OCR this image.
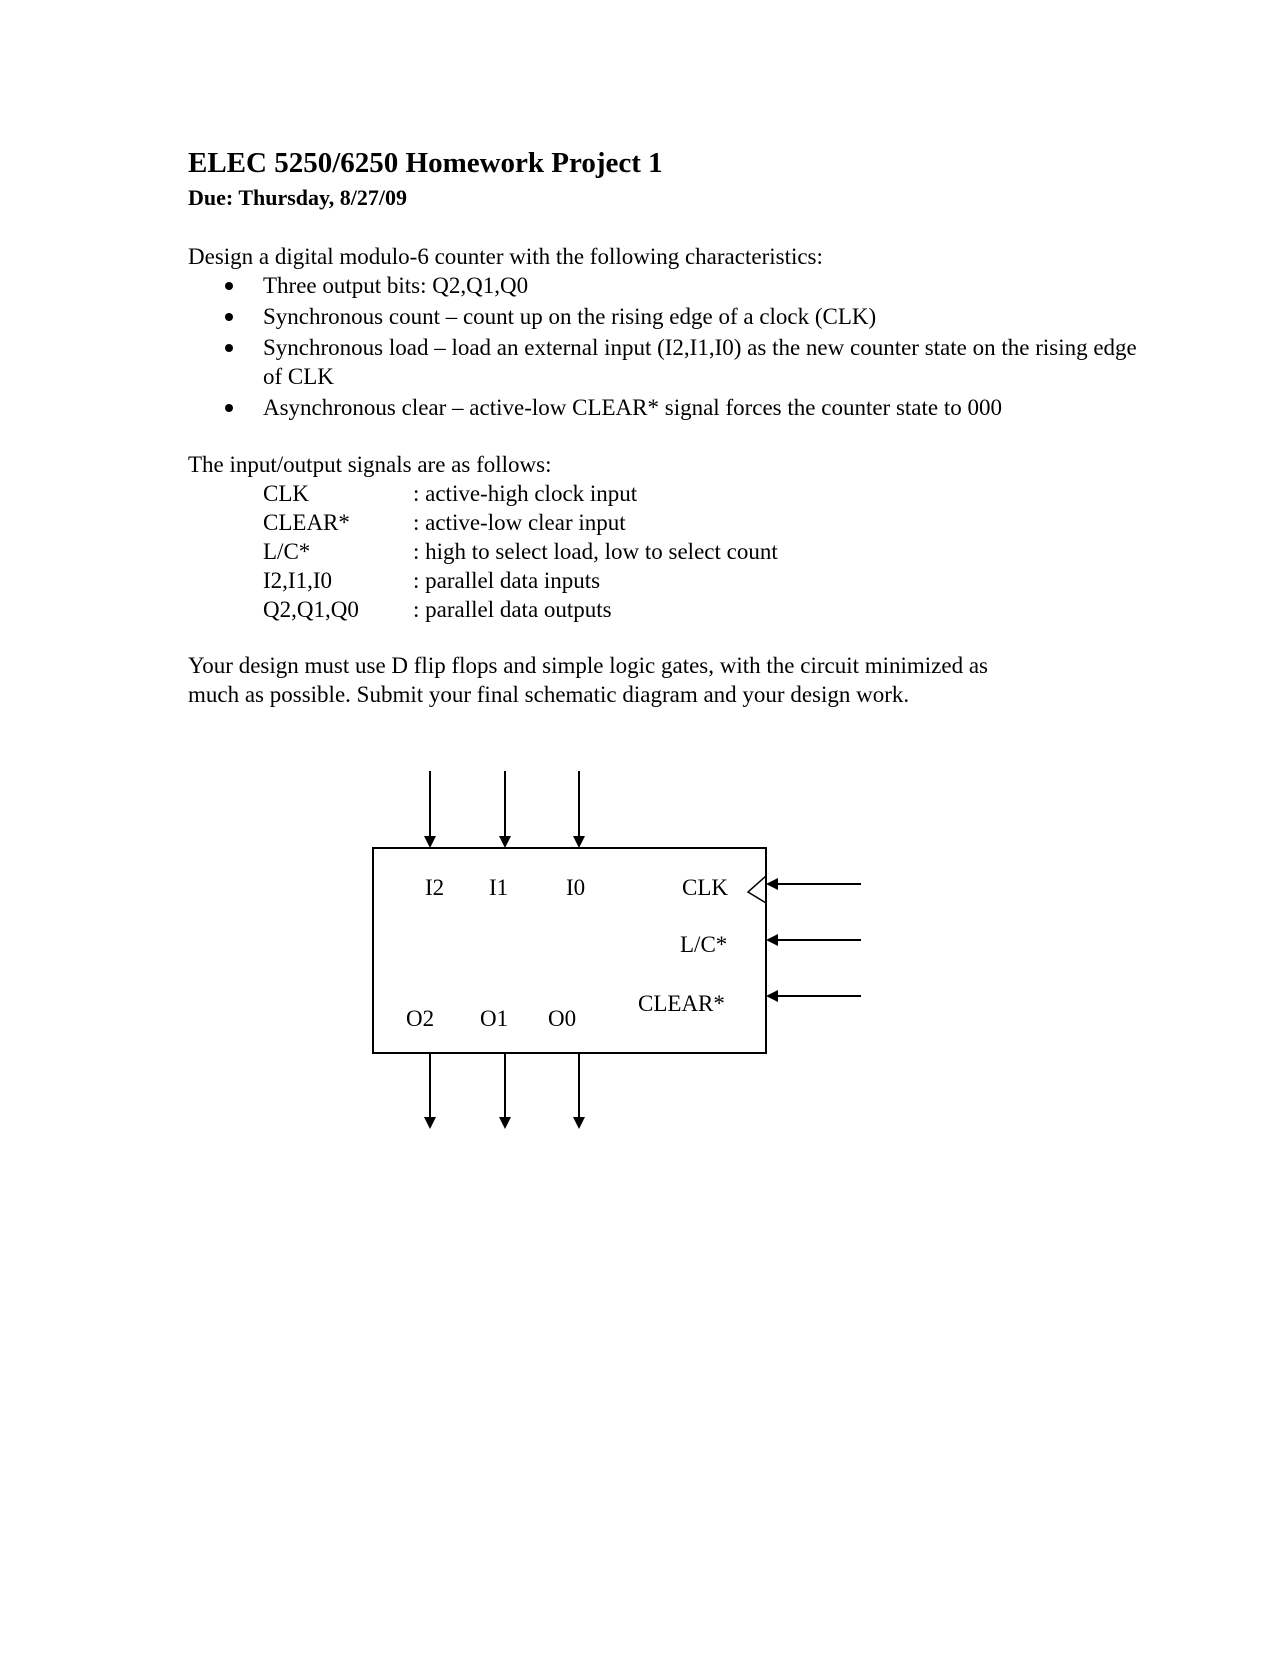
ELEC 5250/6250 Homework Project 1
Due: Thursday, 8/27/09
Design a digital modulo-6 counter with the following characteristics:
Three output bits: Q2,Q1,Q0
Synchronous count – count up on the rising edge of a clock (CLK)
Synchronous load – load an external input (I2,I1,I0) as the new counter state on the rising edge of CLK
Asynchronous clear – active-low CLEAR* signal forces the counter state to 000
The input/output signals are as follows:
CLK	: active-high clock input
CLEAR*	: active-low clear input
L/C*	: high to select load, low to select count
I2,I1,I0	: parallel data inputs
Q2,Q1,Q0	: parallel data outputs
Your design must use D flip flops and simple logic gates, with the circuit minimized as
much as possible. Submit your final schematic diagram and your design work.
I2 I1	I0
O2 O1 O0
CLK
L/C*
CLEAR*
